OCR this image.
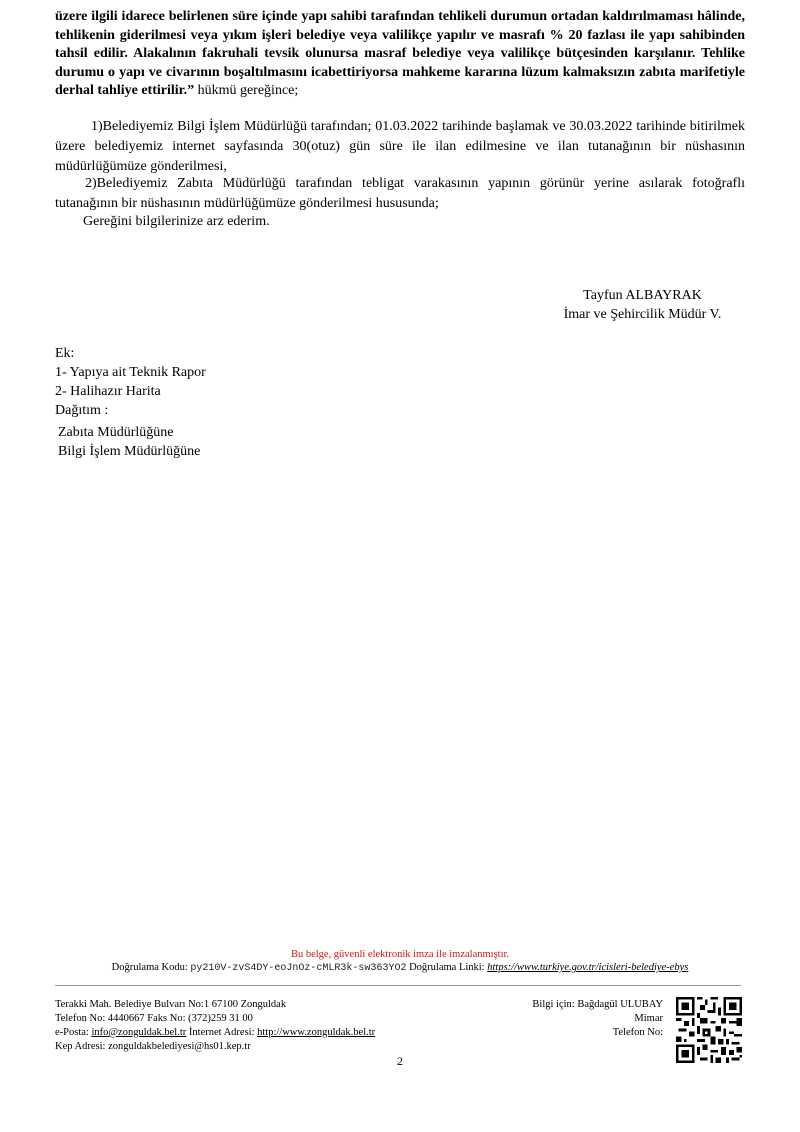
üzere ilgili idarece belirlenen süre içinde yapı sahibi tarafından tehlikeli durumun ortadan kaldırılmaması hâlinde, tehlikenin giderilmesi veya yıkım işleri belediye veya valilikçe yapılır ve masrafı % 20 fazlası ile yapı sahibinden tahsil edilir. Alakalının fakruhali tevsik olunursa masraf belediye veya valilikçe bütçesinden karşılanır. Tehlike durumu o yapı ve civarının boşaltılmasını icabettiriyorsa mahkeme kararına lüzum kalmaksızın zabıta marifetiyle derhal tahliye ettirilir.” hükmü gereğince;
1)Belediyemiz Bilgi İşlem Müdürlüğü tarafından; 01.03.2022 tarihinde başlamak ve 30.03.2022 tarihinde bitirilmek üzere belediyemiz internet sayfasında 30(otuz) gün süre ile ilan edilmesine ve ilan tutanağının bir nüshasının müdürlüğümüze gönderilmesi,
2)Belediyemiz Zabıta Müdürlüğü tarafından tebligat varakasının yapının görünür yerine asılarak fotoğraflı tutanağının bir nüshasının müdürlüğümüze gönderilmesi hususunda;
Gereğini bilgilerinize arz ederim.
Tayfun ALBAYRAK
İmar ve Şehircilik Müdür V.
Ek:
1- Yapıya ait Teknik Rapor
2- Halihazır Harita
Dağıtım :
Zabıta Müdürlüğüne
Bilgi İşlem Müdürlüğüne
Bu belge, güvenli elektronik imza ile imzalanmıştır.
Doğrulama Kodu: py210V-zvS4DY-eoJnOz-cMLR3k-sw363YO2 Doğrulama Linki: https://www.turkiye.gov.tr/icisleri-belediye-ebys
Terakki Mah. Belediye Bulvarı No:1 67100 Zonguldak
Telefon No: 4440667 Faks No: (372)259 31 00
e-Posta: info@zonguldak.bel.tr İnternet Adresi: http://www.zonguldak.bel.tr
Kep Adresi: zonguldakbelediyesi@hs01.kep.tr
Bilgi için: Bağdagül ULUBAY
Mimar
Telefon No:
2
